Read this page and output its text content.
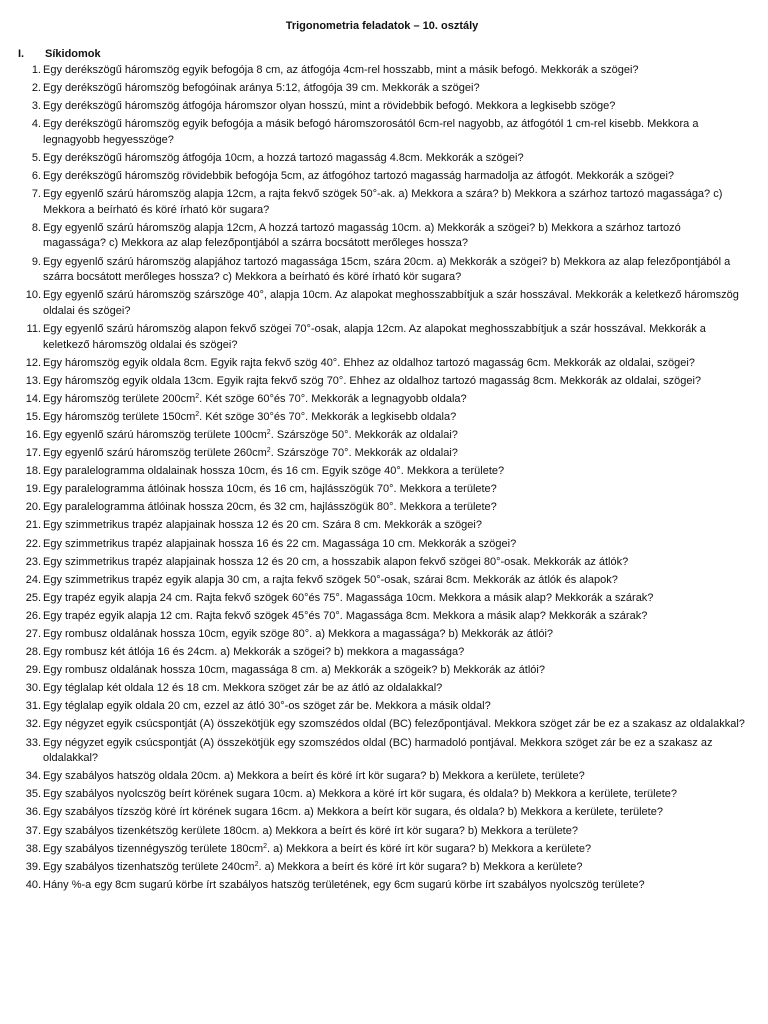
Trigonometria feladatok – 10. osztály
I.	Síkidomok
1. Egy derékszögű háromszög egyik befogója 8 cm, az átfogója 4cm-rel hosszabb, mint a másik befogó. Mekkorák a szögei?
2. Egy derékszögű háromszög befogóinak aránya 5:12, átfogója 39 cm. Mekkorák a szögei?
3. Egy derékszögű háromszög átfogója háromszor olyan hosszú, mint a rövidebbik befogó. Mekkora a legkisebb szöge?
4. Egy derékszögű háromszög egyik befogója a másik befogó háromszorosától 6cm-rel nagyobb, az átfogótól 1 cm-rel kisebb. Mekkora a legnagyobb hegyesszöge?
5. Egy derékszögű háromszög átfogója 10cm, a hozzá tartozó magasság 4.8cm. Mekkorák a szögei?
6. Egy derékszögű háromszög rövidebbik befogója 5cm, az átfogóhoz tartozó magasság harmadolja az átfogót. Mekkorák a szögei?
7. Egy egyenlő szárú háromszög alapja 12cm, a rajta fekvő szögek 50°-ak. a) Mekkora a szára? b) Mekkora a szárhoz tartozó magassága? c) Mekkora a beírható és köré írható kör sugara?
8. Egy egyenlő szárú háromszög alapja 12cm, A hozzá tartozó magasság 10cm. a) Mekkorák a szögei? b) Mekkora a szárhoz tartozó magassága? c) Mekkora az alap felezőpontjából a szárra bocsátott merőleges hossza?
9. Egy egyenlő szárú háromszög alapjához tartozó magassága 15cm, szára 20cm. a) Mekkorák a szögei? b) Mekkora az alap felezőpontjából a szárra bocsátott merőleges hossza? c) Mekkora a beírható és köré írható kör sugara?
10. Egy egyenlő szárú háromszög szárszöge 40°, alapja 10cm. Az alapokat meghosszabbítjuk a szár hosszával. Mekkorák a keletkező háromszög oldalai és szögei?
11. Egy egyenlő szárú háromszög alapon fekvő szögei 70°-osak, alapja 12cm. Az alapokat meghosszabbítjuk a szár hosszával. Mekkorák a keletkező háromszög oldalai és szögei?
12. Egy háromszög egyik oldala 8cm. Egyik rajta fekvő szög 40°. Ehhez az oldalhoz tartozó magasság 6cm. Mekkorák az oldalai, szögei?
13. Egy háromszög egyik oldala 13cm. Egyik rajta fekvő szög 70°. Ehhez az oldalhoz tartozó magasság 8cm. Mekkorák az oldalai, szögei?
14. Egy háromszög területe $200cm^2$. Két szöge 60°és 70°. Mekkorák a legnagyobb oldala?
15. Egy háromszög területe $150cm^2$. Két szöge 30°és 70°. Mekkorák a legkisebb oldala?
16. Egy egyenlő szárú háromszög területe $100cm^2$. Szárszöge 50°. Mekkorák az oldalai?
17. Egy egyenlő szárú háromszög területe $260cm^2$. Szárszöge 70°. Mekkorák az oldalai?
18. Egy paralelogramma oldalainak hossza 10cm, és 16 cm. Egyik szöge 40°. Mekkora a területe?
19. Egy paralelogramma átlóinak hossza 10cm, és 16 cm, hajlásszögük 70°. Mekkora a területe?
20. Egy paralelogramma átlóinak hossza 20cm, és 32 cm, hajlásszögük 80°. Mekkora a területe?
21. Egy szimmetrikus trapéz alapjainak hossza 12 és 20 cm. Szára 8 cm. Mekkorák a szögei?
22. Egy szimmetrikus trapéz alapjainak hossza 16 és 22 cm. Magassága 10 cm. Mekkorák a szögei?
23. Egy szimmetrikus trapéz alapjainak hossza 12 és 20 cm, a hosszabik alapon fekvő szögei 80°-osak. Mekkorák az átlók?
24. Egy szimmetrikus trapéz egyik alapja 30 cm, a rajta fekvő szögek 50°-osak, szárai 8cm. Mekkorák az átlók és alapok?
25. Egy trapéz egyik alapja 24 cm. Rajta fekvő szögek 60°és 75°. Magassága 10cm. Mekkora a másik alap? Mekkorák a szárak?
26. Egy trapéz egyik alapja 12 cm. Rajta fekvő szögek 45°és 70°. Magassága 8cm. Mekkora a másik alap? Mekkorák a szárak?
27. Egy rombusz oldalának hossza 10cm, egyik szöge 80°. a) Mekkora a magassága? b) Mekkorák az átlói?
28. Egy rombusz két átlója 16 és 24cm. a) Mekkorák a szögei? b) mekkora a magassága?
29. Egy rombusz oldalának hossza 10cm, magassága 8 cm. a) Mekkorák a szögeik? b) Mekkorák az átlói?
30. Egy téglalap két oldala 12 és 18 cm. Mekkora szöget zár be az átló az oldalakkal?
31. Egy téglalap egyik oldala 20 cm, ezzel az átló 30°-os szöget zár be. Mekkora a másik oldal?
32. Egy négyzet egyik csúcspontját (A) összekötjük egy szomszédos oldal (BC) felezőpontjával. Mekkora szöget zár be ez a szakasz az oldalakkal?
33. Egy négyzet egyik csúcspontját (A) összekötjük egy szomszédos oldal (BC) harmadoló pontjával. Mekkora szöget zár be ez a szakasz az oldalakkal?
34. Egy szabályos hatszög oldala 20cm. a) Mekkora a beírt és köré írt kör sugara? b) Mekkora a kerülete, területe?
35. Egy szabályos nyolcszög beírt körének sugara 10cm. a) Mekkora a köré írt kör sugara, és oldala? b) Mekkora a kerülete, területe?
36. Egy szabályos tízszög köré írt körének sugara 16cm. a) Mekkora a beírt kör sugara, és oldala? b) Mekkora a kerülete, területe?
37. Egy szabályos tizenkétszög kerülete 180cm. a) Mekkora a beírt és köré írt kör sugara? b) Mekkora a területe?
38. Egy szabályos tizennégyszög területe $180cm^2$. a) Mekkora a beírt és köré írt kör sugara? b) Mekkora a kerülete?
39. Egy szabályos tizenhatszög területe $240cm^2$. a) Mekkora a beírt és köré írt kör sugara? b) Mekkora a kerülete?
40. Hány %-a egy 8cm sugarú körbe írt szabályos hatszög területének, egy 6cm sugarú körbe írt szabályos nyolcszög területe?
